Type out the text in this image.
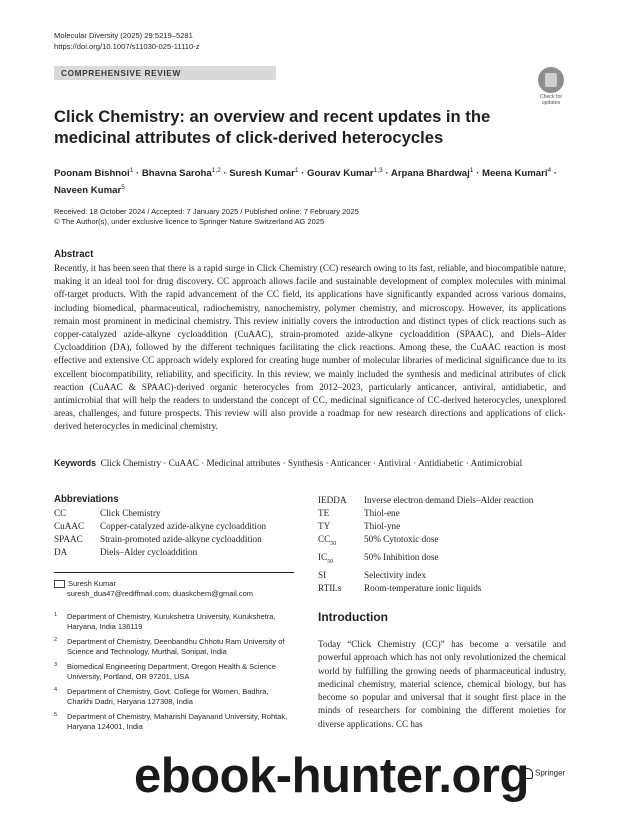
Molecular Diversity (2025) 29:5219–5281
https://doi.org/10.1007/s11030-025-11110-z
COMPREHENSIVE REVIEW
Check for
updates
Click Chemistry: an overview and recent updates in the medicinal attributes of click-derived heterocycles
Poonam Bishnoi$^1$ · Bhavna Saroha$^{1,2}$ · Suresh Kumar$^1$ · Gourav Kumar$^{1,3}$ · Arpana Bhardwaj$^1$ · Meena Kumari$^4$ · Naveen Kumar$^5$
Received: 18 October 2024 / Accepted: 7 January 2025 / Published online: 7 February 2025
© The Author(s), under exclusive licence to Springer Nature Switzerland AG 2025
Abstract
Recently, it has been seen that there is a rapid surge in Click Chemistry (CC) research owing to its fast, reliable, and biocompatible nature, making it an ideal tool for drug discovery. CC approach allows facile and sustainable development of complex molecules with minimal off-target products. With the rapid advancement of the CC field, its applications have significantly expanded across various domains, including biomedical, pharmaceutical, radiochemistry, nanochemistry, polymer chemistry, and microscopy. However, its applications remain most prominent in medicinal chemistry. This review initially covers the introduction and distinct types of click reactions such as copper-catalyzed azide-alkyne cycloaddition (CuAAC), strain-promoted azide-alkyne cycloaddition (SPAAC), and Diels–Alder Cycloaddition (DA), followed by the different techniques facilitating the click reactions. Among these, the CuAAC reaction is most effective and extensive CC approach widely explored for creating huge number of molecular libraries of medicinal significance due to its excellent biocompatibility, reliability, and specificity. In this review, we mainly included the synthesis and medicinal attributes of click reaction (CuAAC & SPAAC)-derived organic heterocycles from 2012–2023, particularly anticancer, antiviral, antidiabetic, and antimicrobial that will help the readers to understand the concept of CC, medicinal significance of CC-derived heterocycles, unexplored areas, challenges, and future prospects. This review will also provide a roadmap for new research directions and applications of click-derived heterocycles in medicinal chemistry.
Keywords Click Chemistry · CuAAC · Medicinal attributes · Synthesis · Anticancer · Antiviral · Antidiabetic · Antimicrobial
Abbreviations
CC	Click Chemistry
CuAAC	Copper-catalyzed azide-alkyne cycloaddition
SPAAC	Strain-promoted azide-alkyne cycloaddition
DA	Diels–Alder cycloaddition
IEDDA	Inverse electron demand Diels–Alder reaction
TE	Thiol-ene
TY	Thiol-yne
$CC_{50}$	50% Cytotoxic dose
$IC_{50}$	50% Inhibition dose
SI	Selectivity index
RTILs	Room-temperature ionic liquids
Suresh Kumar
suresh_dua47@rediffmail.com; duaskchem@gmail.com
1	Department of Chemistry, Kurukshetra University, Kurukshetra, Haryana, India 136119
2	Department of Chemistry, Deenbandhu Chhotu Ram University of Science and Technology, Murthal, Sonipat, India
3	Biomedical Engineering Department, Oregon Health & Science University, Portland, OR 97201, USA
4	Department of Chemistry, Govt. College for Women, Badhra, Charkhi Dadri, Haryana 127308, India
5	Department of Chemistry, Maharishi Dayanand University, Rohtak, Haryana 124001, India
Introduction
Today “Click Chemistry (CC)” has become a versatile and powerful approach which has not only revolutionized the chemical world by fulfilling the growing needs of pharmaceutical industry, medicinal chemistry, material science, chemical biology, but has become so popular and universal that it sought first place in the minds of researchers for combining the different moieties for diverse applications. CC has
Springer
ebook-hunter.org
